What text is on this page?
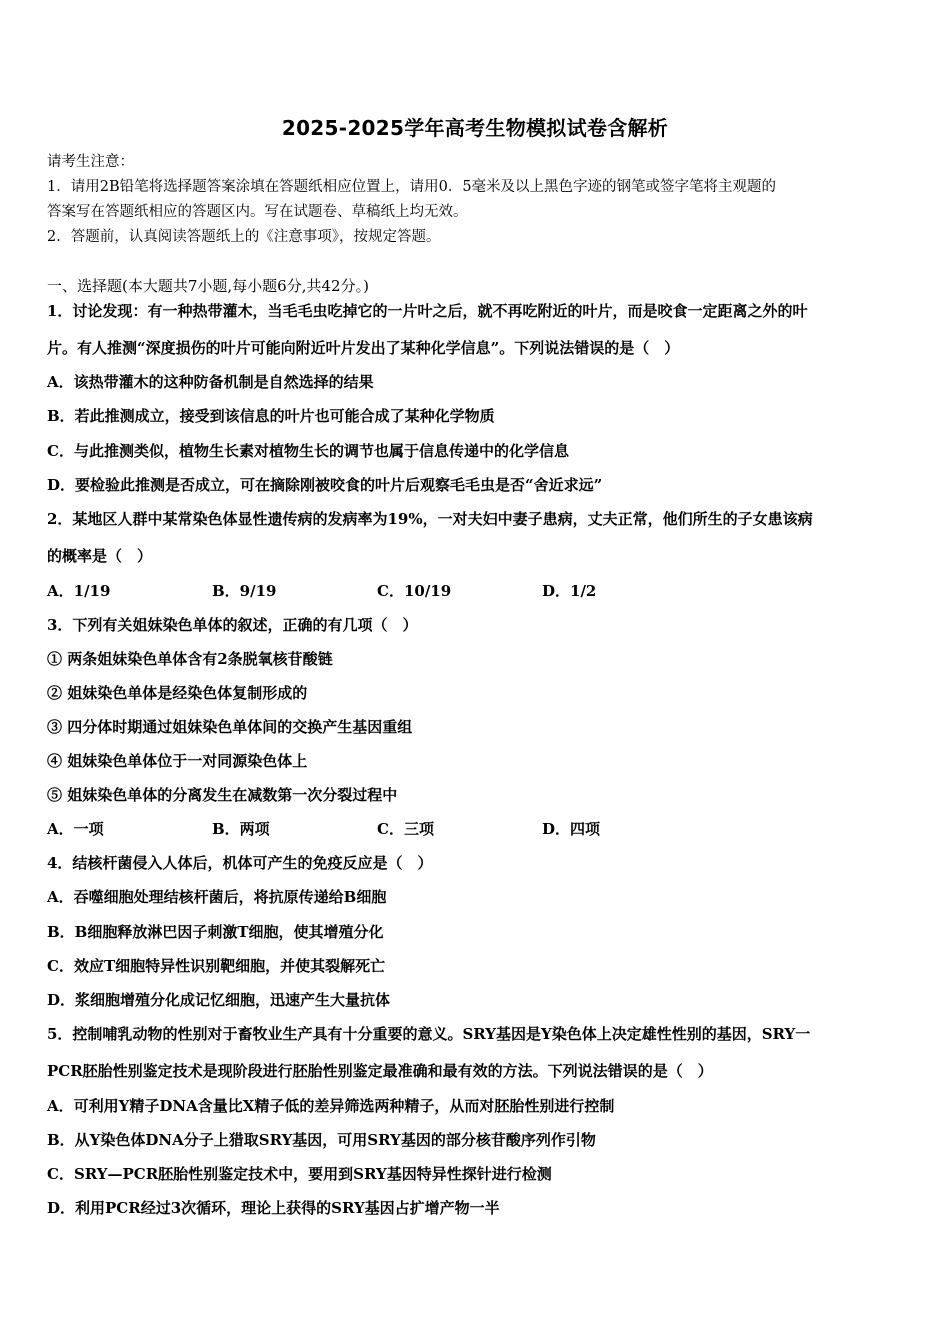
2025-2025学年高考生物模拟试卷含解析
请考生注意：
1．请用2B铅笔将选择题答案涂填在答题纸相应位置上，请用0．5毫米及以上黑色字迹的钢笔或签字笔将主观题的
答案写在答题纸相应的答题区内。写在试题卷、草稿纸上均无效。
2．答题前，认真阅读答题纸上的《注意事项》，按规定答题。
一、选择题(本大题共7小题,每小题6分,共42分。)
1．讨论发现：有一种热带灌木，当毛毛虫吃掉它的一片叶之后，就不再吃附近的叶片，而是咬食一定距离之外的叶
片。有人推测“深度损伤的叶片可能向附近叶片发出了某种化学信息”。下列说法错误的是（　）
A．该热带灌木的这种防备机制是自然选择的结果
B．若此推测成立，接受到该信息的叶片也可能合成了某种化学物质
C．与此推测类似，植物生长素对植物生长的调节也属于信息传递中的化学信息
D．要检验此推测是否成立，可在摘除刚被咬食的叶片后观察毛毛虫是否“舍近求远”
2．某地区人群中某常染色体显性遗传病的发病率为19%，一对夫妇中妻子患病，丈夫正常，他们所生的子女患该病
的概率是（　）
A．1/19	B．9/19	C．10/19	D．1/2
3．下列有关姐妹染色单体的叙述，正确的有几项（　）
① 两条姐妹染色单体含有2条脱氧核苷酸链
② 姐妹染色单体是经染色体复制形成的
③ 四分体时期通过姐妹染色单体间的交换产生基因重组
④ 姐妹染色单体位于一对同源染色体上
⑤ 姐妹染色单体的分离发生在减数第一次分裂过程中
A．一项	B．两项	C．三项	D．四项
4．结核杆菌侵入人体后，机体可产生的免疫反应是（　）
A．吞噬细胞处理结核杆菌后，将抗原传递给B细胞
B．B细胞释放淋巴因子刺激T细胞，使其增殖分化
C．效应T细胞特异性识别靶细胞，并使其裂解死亡
D．浆细胞增殖分化成记忆细胞，迅速产生大量抗体
5．控制哺乳动物的性别对于畜牧业生产具有十分重要的意义。SRY基因是Y染色体上决定雄性性别的基因，SRY一
PCR胚胎性别鉴定技术是现阶段进行胚胎性别鉴定最准确和最有效的方法。下列说法错误的是（　）
A．可利用Y精子DNA含量比X精子低的差异筛选两种精子，从而对胚胎性别进行控制
B．从Y染色体DNA分子上猎取SRY基因，可用SRY基因的部分核苷酸序列作引物
C．SRY—PCR胚胎性别鉴定技术中，要用到SRY基因特异性探针进行检测
D．利用PCR经过3次循环，理论上获得的SRY基因占扩增产物一半
